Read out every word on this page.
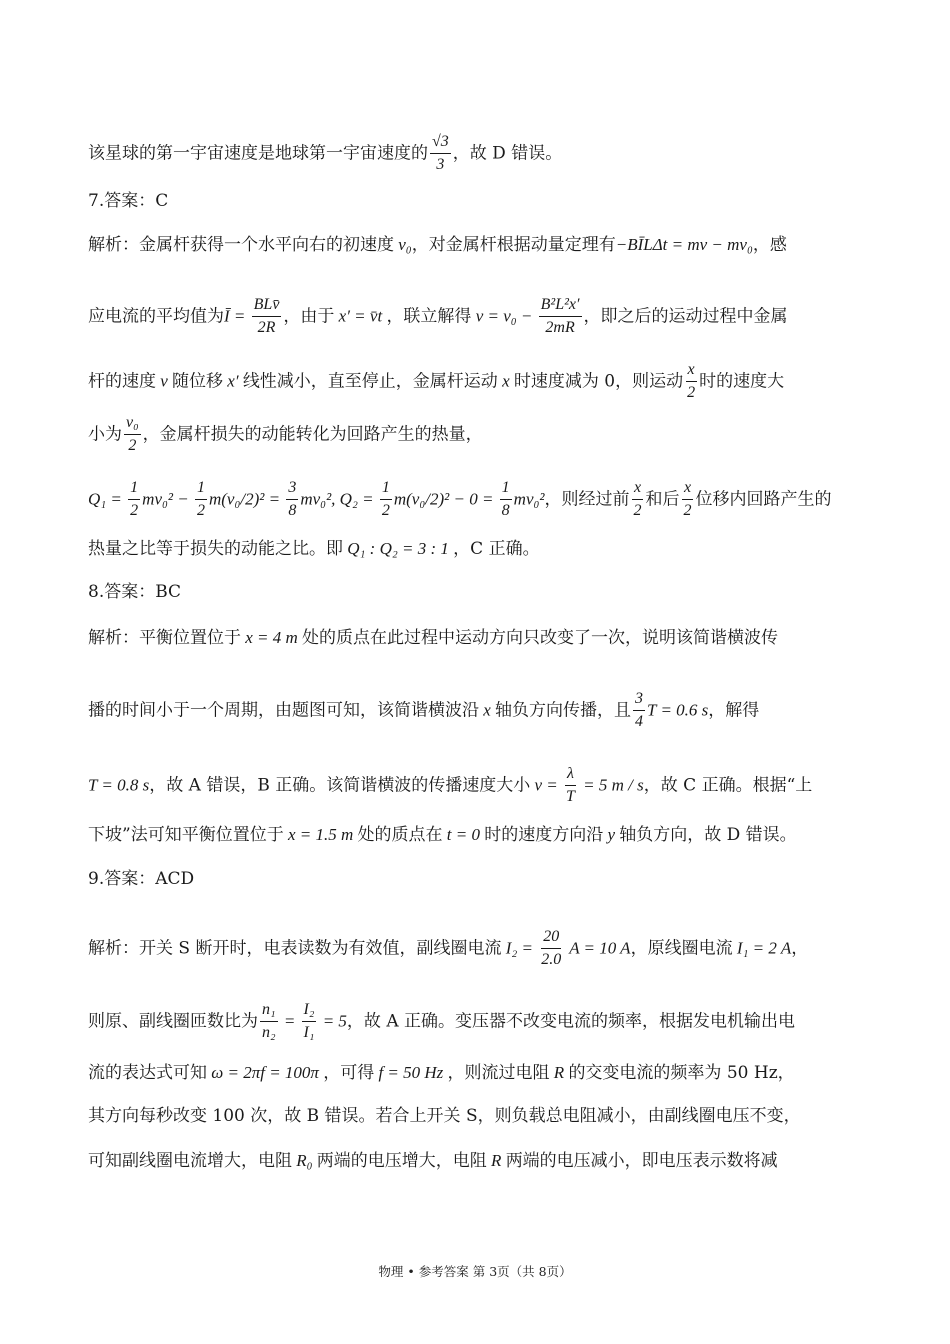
该星球的第一宇宙速度是地球第一宇宙速度的 $\frac{√3}{3}$ ，故 D 错误。
7.答案：C
解析：金属杆获得一个水平向右的初速度 v₀，对金属杆根据动量定理有−BĪLΔt = mv − mv₀，感
应电流的平均值为Ī = $\frac{\text{BLv̄}}{2R}$ ，由于 x′ = v̄t ，联立解得 $v = v_0 - \frac{\text{B²L²x′}}{2mR}$ ，即之后的运动过程中金属
杆的速度 v 随位移 x′ 线性减小，直至停止，金属杆运动 x 时速度减为 0，则运动 $\frac{x}{2}$ 时的速度大
小为 $\frac{\text{v₀}}{2}$ ，金属杆损失的动能转化为回路产生的热量，
$Q_1 = \frac{1}{2} mv_0^2 - \frac{1}{2} m(v_0/2)^2 = \frac{3}{8} mv_0^2$, $Q_2 = \frac{1}{2} m(v_0/2)^2 - 0 = \frac{1}{8} mv_0^2$，则经过前 $\frac{x}{2}$ 和后 $\frac{x}{2}$ 位移内回路产生的
热量之比等于损失的动能之比。即 Q₁ : Q₂ = 3 : 1 ，C 正确。
8.答案：BC
解析：平衡位置位于 x = 4 m 处的质点在此过程中运动方向只改变了一次，说明该简谐横波传
播的时间小于一个周期，由题图可知，该简谐横波沿 x 轴负方向传播，且 $\frac{3}{4}$ T = 0.6 s，解得
T = 0.8 s，故 A 错误，B 正确。该简谐横波的传播速度大小 $v = \frac{\lambda}{T} = 5$ m / s，故 C 正确。根据“上
下坡”法可知平衡位置位于 x = 1.5 m 处的质点在 t = 0 时的速度方向沿 y 轴负方向，故 D 错误。
9.答案：ACD
解析：开关 S 断开时，电表读数为有效值，副线圈电流 $I_2 = \frac{20}{2.0}$ A = 10 A，原线圈电流 I₁ = 2 A，
则原、副线圈匝数比为 $\frac{\text{n₁}}{\text{n₂}} = \frac{\text{I₂}}{\text{I₁}} = 5$，故 A 正确。变压器不改变电流的频率，根据发电机输出电
流的表达式可知 ω = 2πf = 100π ，可得 f = 50 Hz ，则流过电阻 R 的交变电流的频率为 50 Hz，
其方向每秒改变 100 次，故 B 错误。若合上开关 S，则负载总电阻减小，由副线圈电压不变，
可知副线圈电流增大，电阻 R₀ 两端的电压增大，电阻 R 两端的电压减小，即电压表示数将减
物理 • 参考答案 第 3页（共 8页）
